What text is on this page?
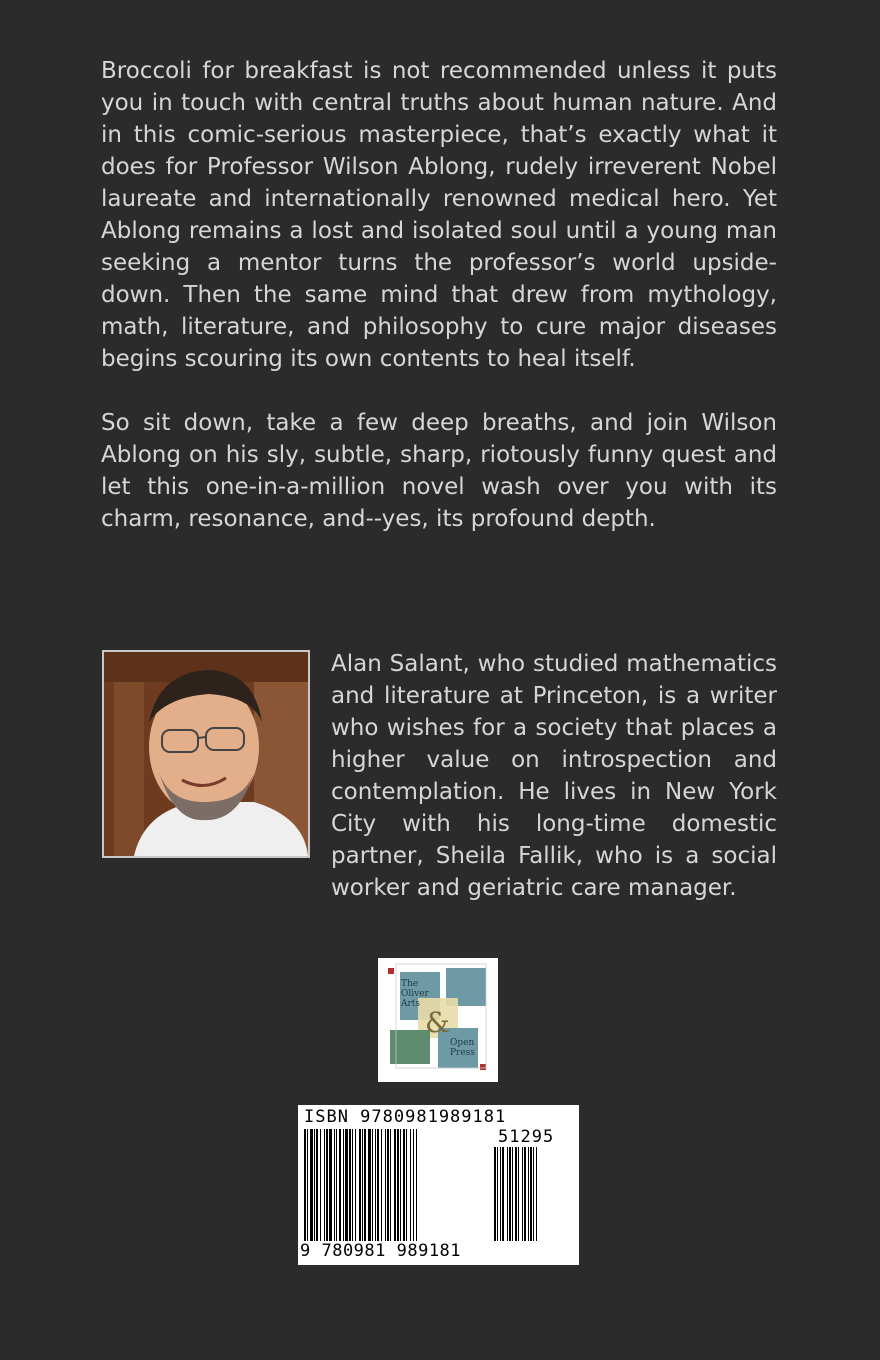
Broccoli for breakfast is not recommended unless it puts you in touch with central truths about human nature. And in this comic-serious masterpiece, that’s exactly what it does for Professor Wilson Ablong, rudely irreverent Nobel laureate and internationally renowned medical hero. Yet Ablong remains a lost and isolated soul until a young man seeking a mentor turns the professor’s world upside-down. Then the same mind that drew from mythology, math, literature, and philosophy to cure major diseases begins scouring its own contents to heal itself.

So sit down, take a few deep breaths, and join Wilson Ablong on his sly, subtle, sharp, riotously funny quest and let this one-in-a-million novel wash over you with its charm, resonance, and--yes, its profound depth.

Alan Salant, who studied mathematics and literature at Princeton, is a writer who wishes for a society that places a higher value on introspection and contemplation. He lives in New York City with his long-time domestic partner, Sheila Fallik, who is a social worker and geriatric care manager.

The
Oliver
Arts
&
Open
Press
ISBN 9780981989181
51295
9 780981 989181
